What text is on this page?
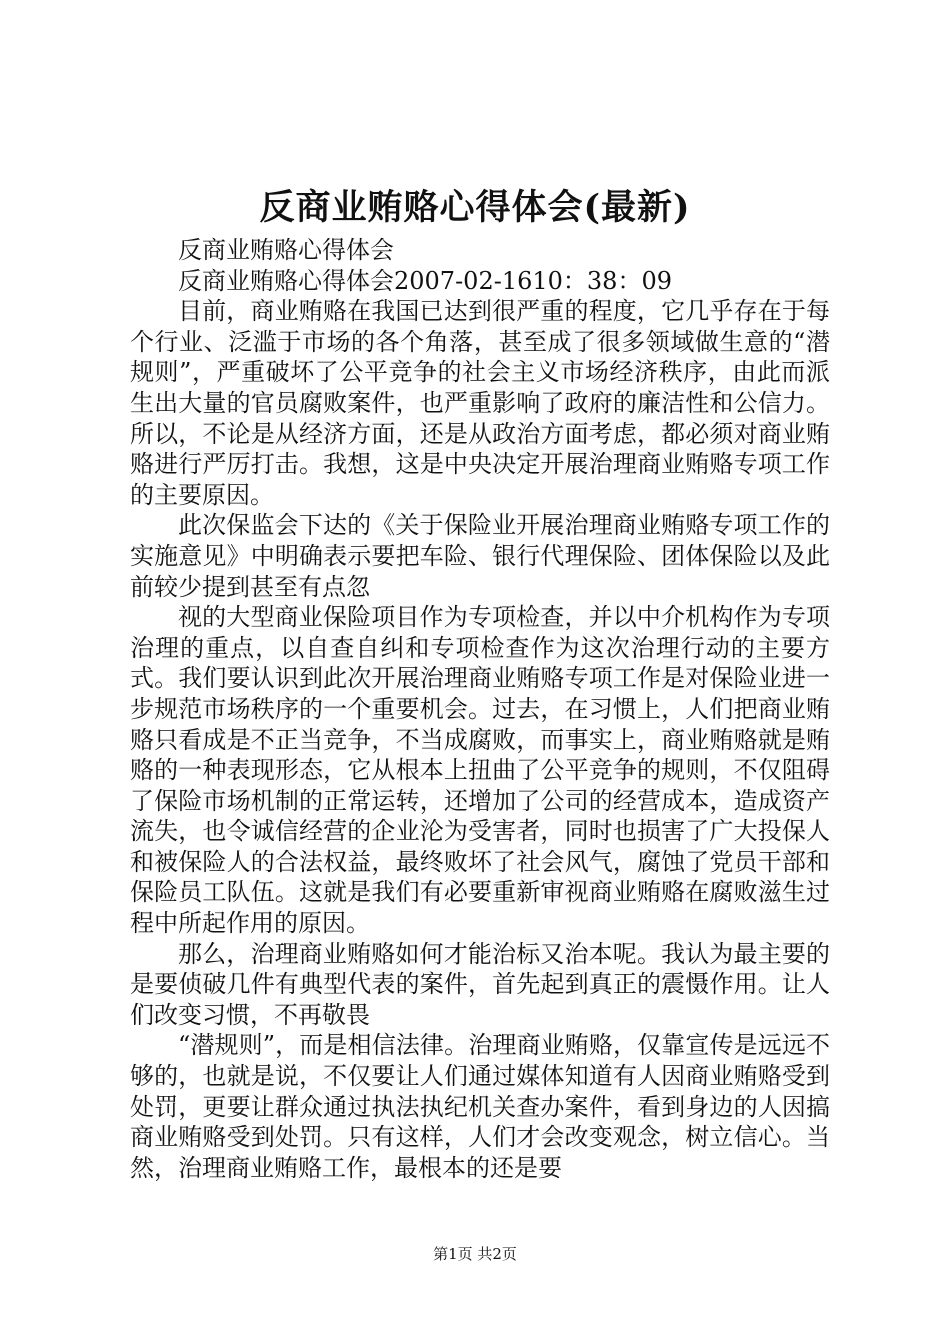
反商业贿赂心得体会(最新)

反商业贿赂心得体会

反商业贿赂心得体会2007-02-1610：38：09

目前，商业贿赂在我国已达到很严重的程度，它几乎存在于每个行业、泛滥于市场的各个角落，甚至成了很多领域做生意的“潜规则”，严重破坏了公平竞争的社会主义市场经济秩序，由此而派生出大量的官员腐败案件，也严重影响了政府的廉洁性和公信力。所以，不论是从经济方面，还是从政治方面考虑，都必须对商业贿赂进行严厉打击。我想，这是中央决定开展治理商业贿赂专项工作的主要原因。

此次保监会下达的《关于保险业开展治理商业贿赂专项工作的实施意见》中明确表示要把车险、银行代理保险、团体保险以及此前较少提到甚至有点忽

视的大型商业保险项目作为专项检查，并以中介机构作为专项治理的重点，以自查自纠和专项检查作为这次治理行动的主要方式。我们要认识到此次开展治理商业贿赂专项工作是对保险业进一步规范市场秩序的一个重要机会。过去，在习惯上，人们把商业贿赂只看成是不正当竞争，不当成腐败，而事实上，商业贿赂就是贿赂的一种表现形态，它从根本上扭曲了公平竞争的规则，不仅阻碍了保险市场机制的正常运转，还增加了公司的经营成本，造成资产流失，也令诚信经营的企业沦为受害者，同时也损害了广大投保人和被保险人的合法权益，最终败坏了社会风气，腐蚀了党员干部和保险员工队伍。这就是我们有必要重新审视商业贿赂在腐败滋生过程中所起作用的原因。

那么，治理商业贿赂如何才能治标又治本呢。我认为最主要的是要侦破几件有典型代表的案件，首先起到真正的震慑作用。让人们改变习惯，不再敬畏

“潜规则”，而是相信法律。治理商业贿赂，仅靠宣传是远远不够的，也就是说，不仅要让人们通过媒体知道有人因商业贿赂受到处罚，更要让群众通过执法执纪机关查办案件，看到身边的人因搞商业贿赂受到处罚。只有这样，人们才会改变观念，树立信心。当然，治理商业贿赂工作，最根本的还是要

第1页 共2页
